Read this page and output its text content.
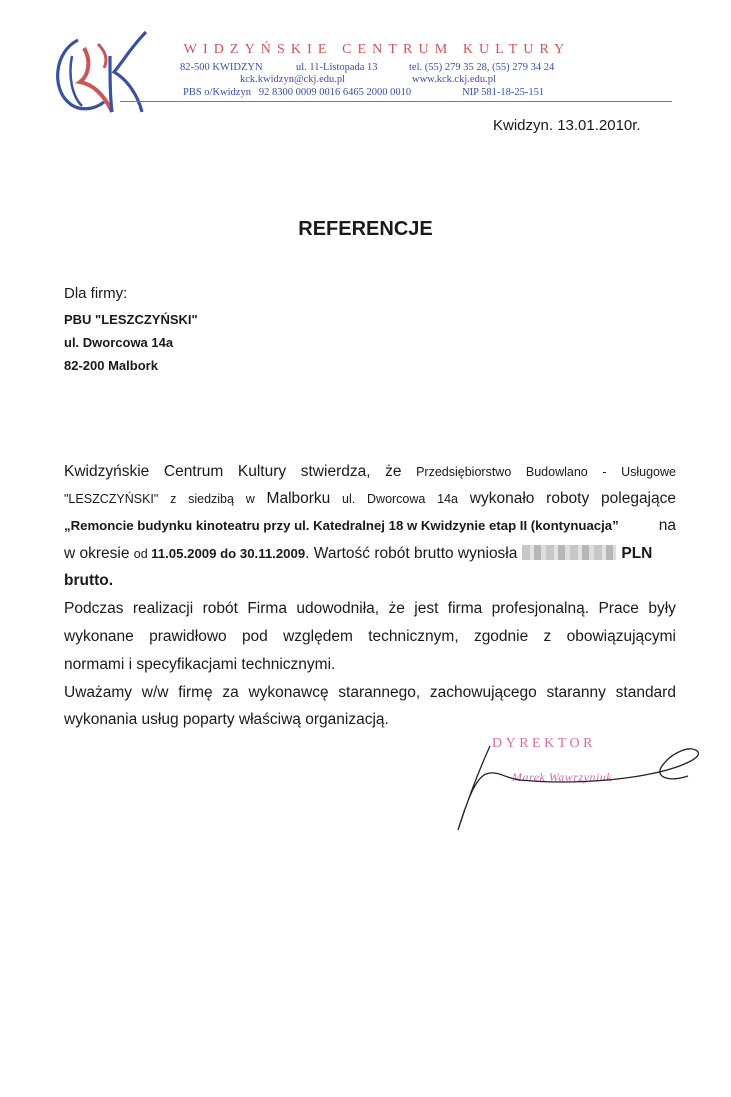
WIDZYŃSKIE CENTRUM KULTURY
82-500 KWIDZYN	ul. 11-Listopada 13	tel. (55) 279 35 28, (55) 279 34 24
kck.kwidzyn@ckj.edu.pl	www.kck.ckj.edu.pl
PBS o/Kwidzyn   92 8300 0009 0016 6465 2000 0010	NIP 581-18-25-151
Kwidzyn. 13.01.2010r.
REFERENCJE
Dla firmy:
PBU "LESZCZYŃSKI"
ul. Dworcowa 14a
82-200 Malbork
Kwidzyńskie Centrum Kultury stwierdza, że Przedsiębiorstwo Budowlano - Usługowe
"LESZCZYŃSKI" z siedzibą w Malborku ul. Dworcowa 14a wykonało roboty polegające
„Remoncie budynku kinoteatru przy ul. Katedralnej 18 w Kwidzynie etap II (kontynuacja”	na
w okresie od 11.05.2009 do 30.11.2009. Wartość robót brutto wyniosła	PLN
brutto.
Podczas realizacji robót Firma udowodniła, że jest firma profesjonalną. Prace były
wykonane prawidłowo pod względem technicznym, zgodnie z obowiązującymi
normami i specyfikacjami technicznymi.
Uważamy w/w firmę za wykonawcę starannego, zachowującego staranny standard
wykonania usług poparty właściwą organizacją.
DYREKTOR
Marek Wawrzyniuk
